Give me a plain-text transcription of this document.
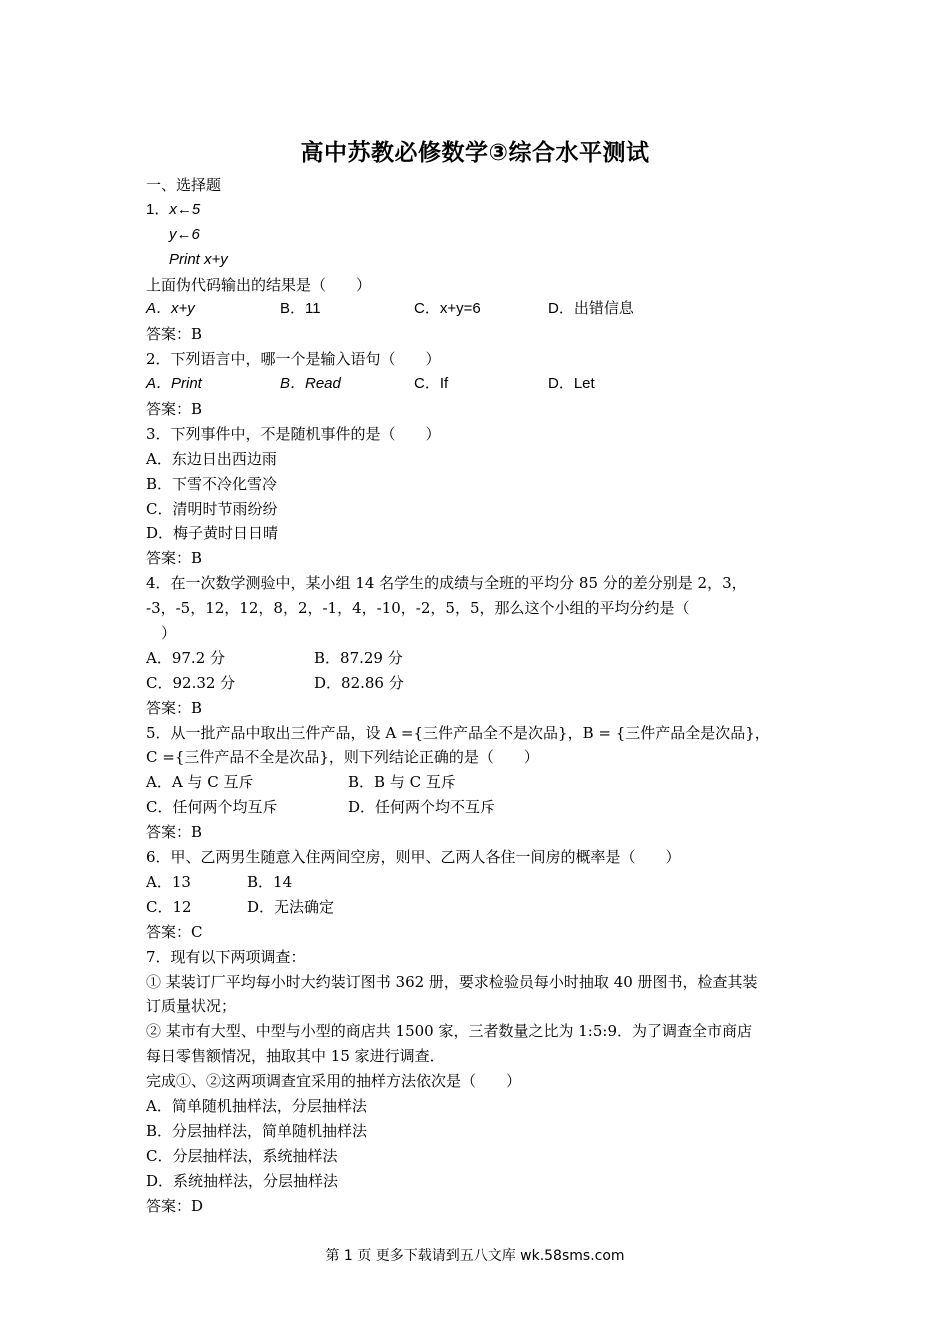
高中苏教必修数学③综合水平测试
一、选择题
1．x←5
y←6
Print x+y
上面伪代码输出的结果是（　　）
A．x+y	B．11	C．x+y=6	D．出错信息
答案：B
2．下列语言中，哪一个是输入语句（　　）
A．Print	B．Read	C．If	D．Let
答案：B
3．下列事件中，不是随机事件的是（　　）
A．东边日出西边雨
B．下雪不冷化雪冷
C．清明时节雨纷纷
D．梅子黄时日日晴
答案：B
4．在一次数学测验中，某小组 14 名学生的成绩与全班的平均分 85 分的差分别是 2，3，
-3，-5，12，12，8，2，-1，4，-10，-2，5，5，那么这个小组的平均分约是（
）
A．97.2 分	B．87.29 分
C．92.32 分	D．82.86 分
答案：B
5．从一批产品中取出三件产品，设 A ={三件产品全不是次品}，B = {三件产品全是次品}，
C ={三件产品不全是次品}，则下列结论正确的是（　　）
A．A 与 C 互斥	B．B 与 C 互斥
C．任何两个均互斥	D．任何两个均不互斥
答案：B
6．甲、乙两男生随意入住两间空房，则甲、乙两人各住一间房的概率是（　　）
A．13	B．14
C．12	D．无法确定
答案：C
7．现有以下两项调查：
① 某装订厂平均每小时大约装订图书 362 册，要求检验员每小时抽取 40 册图书，检查其装
订质量状况；
② 某市有大型、中型与小型的商店共 1500 家，三者数量之比为 1:5:9．为了调查全市商店
每日零售额情况，抽取其中 15 家进行调查．
完成①、②这两项调查宜采用的抽样方法依次是（　　）
A．简单随机抽样法，分层抽样法
B．分层抽样法，简单随机抽样法
C．分层抽样法，系统抽样法
D．系统抽样法，分层抽样法
答案：D
第 1 页 更多下载请到五八文库 wk.58sms.com
